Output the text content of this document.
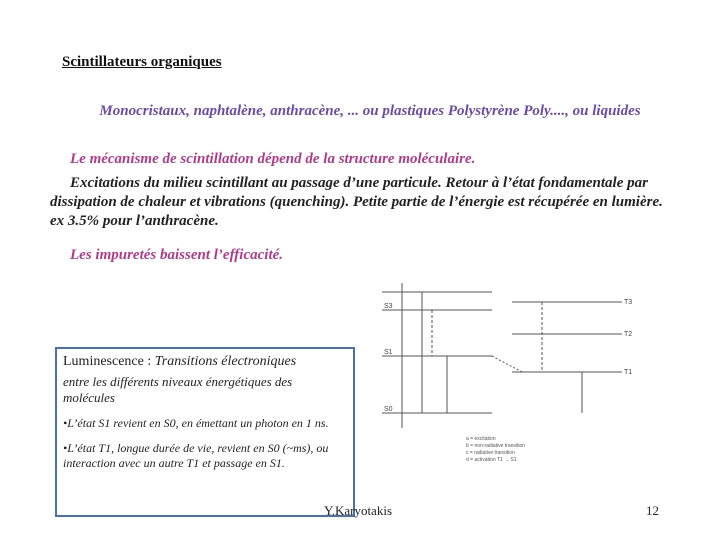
Scintillateurs organiques
Monocristaux, naphtalène, anthracène, ... ou plastiques Polystyrène Poly...., ou liquides
Le mécanisme de scintillation dépend de la structure moléculaire.
Excitations du milieu scintillant au passage d’une particule. Retour à l’état fondamentale par dissipation de chaleur et vibrations (quenching). Petite partie de l’énergie est récupérée en lumière. ex 3.5% pour l’anthracène.
Les impuretés baissent l’efficacité.
S3
S1
S0
T3
T2
T1
a = excitation
b = non-radiative transition
c = radiative transition
d = activation T1 → S1
Luminescence : Transitions électroniques
entre les différents niveaux énergétiques des molécules
•L’état S1 revient en S0, en émettant un photon en 1 ns.
•L’état T1, longue durée de vie, revient en S0 (~ms), ou interaction avec un autre T1 et passage en S1.
Y.Karyotakis	12
